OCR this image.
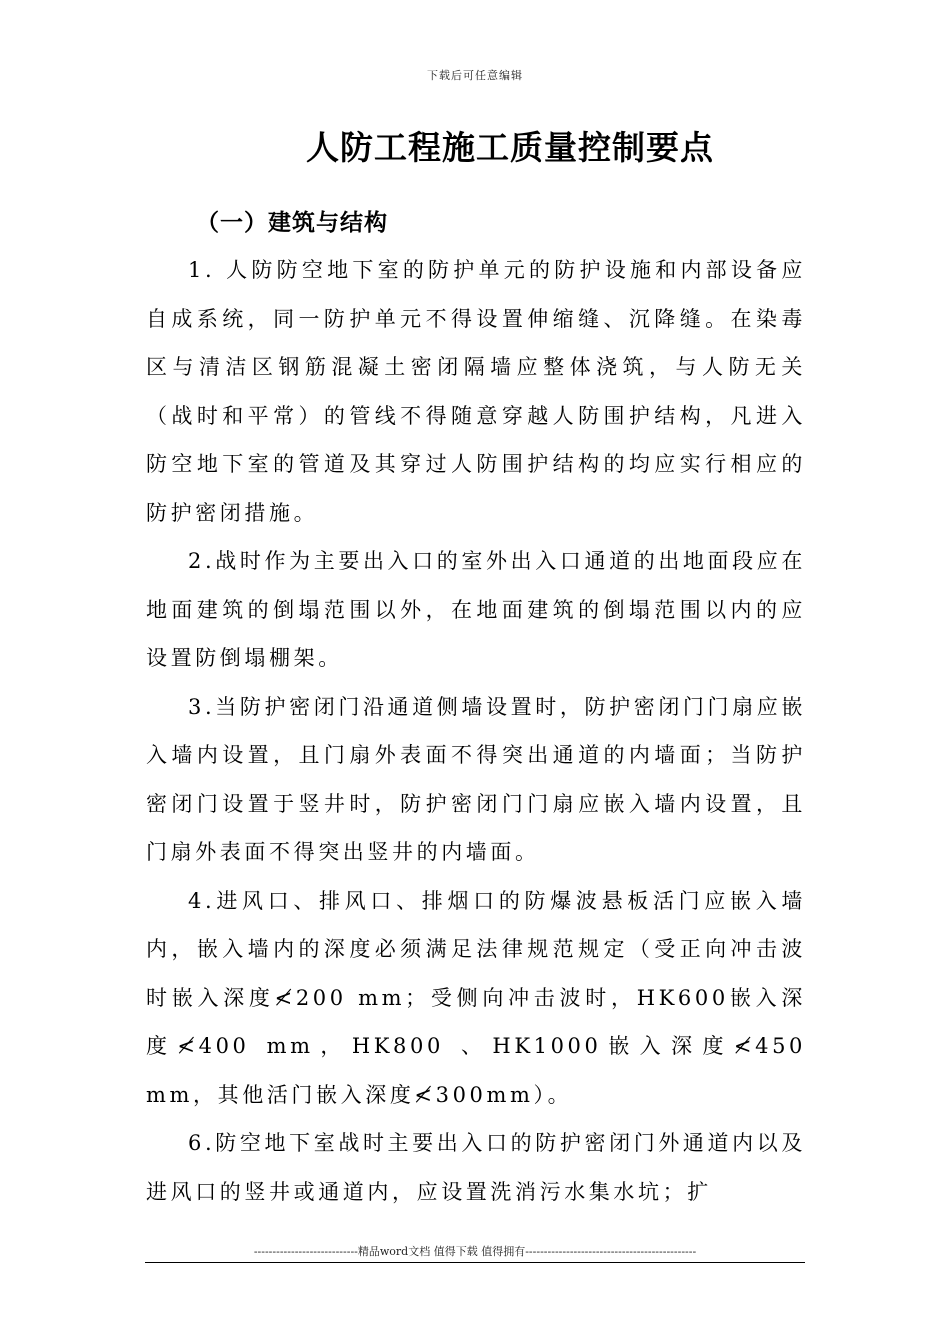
下载后可任意编辑
人防工程施工质量控制要点
（一）建筑与结构

1. 人防防空地下室的防护单元的防护设施和内部设备应自成系统，同一防护单元不得设置伸缩缝、沉降缝。在染毒区与清洁区钢筋混凝土密闭隔墙应整体浇筑，与人防无关（战时和平常）的管线不得随意穿越人防围护结构，凡进入防空地下室的管道及其穿过人防围护结构的均应实行相应的防护密闭措施。

2.战时作为主要出入口的室外出入口通道的出地面段应在地面建筑的倒塌范围以外，在地面建筑的倒塌范围以内的应设置防倒塌棚架。

3.当防护密闭门沿通道侧墙设置时，防护密闭门门扇应嵌入墙内设置，且门扇外表面不得突出通道的内墙面；当防护密闭门设置于竖井时，防护密闭门门扇应嵌入墙内设置，且门扇外表面不得突出竖井的内墙面。

4.进风口、排风口、排烟口的防爆波悬板活门应嵌入墙内，嵌入墙内的深度必须满足法律规范规定（受正向冲击波时嵌入深度≮200 mm；受侧向冲击波时，HK600嵌入深度≮400 mm，HK800 、HK1000嵌入深度≮450 mm，其他活门嵌入深度≮300mm）。

6.防空地下室战时主要出入口的防护密闭门外通道内以及进风口的竖井或通道内，应设置洗消污水集水坑；扩

----------------------------精品word文档 值得下载 值得拥有----------------------------------------------
